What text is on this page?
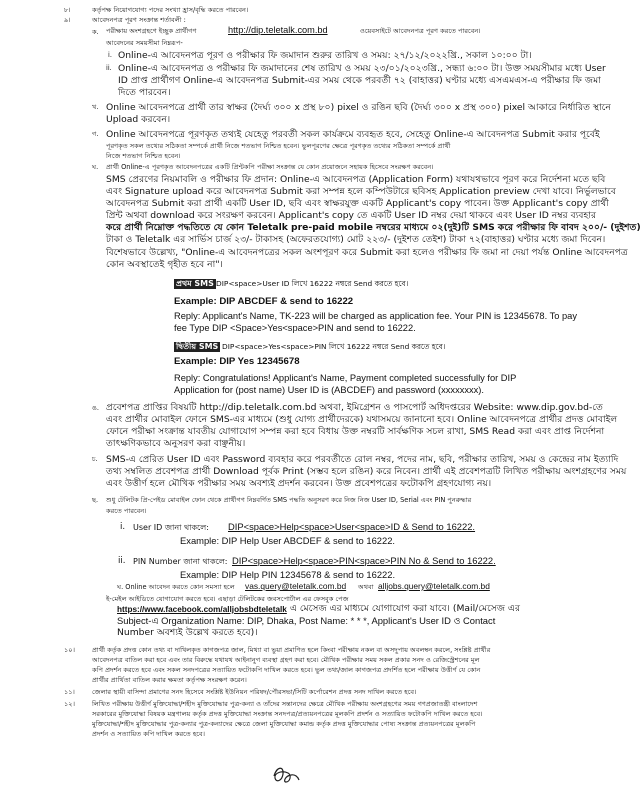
৮।	কর্তৃপক্ষ নিয়োগযোগ্য পদের সংখ্যা হ্রাস/বৃদ্ধি করতে পারবেন।
৯।	আবেদনপত্র পূরণ সংক্রান্ত শর্তাবলী :
ক. পরীক্ষায় অংশগ্রহণে ইচ্ছুক প্রার্থীগণ	http://dip.teletalk.com.bd	ওয়েবসাইটে আবেদনপত্র পূরণ করতে পারবেন।
আবেদনের সময়সীমা নিম্নরূপ-
i. Online-এ আবেদনপত্র পূরণ ও পরীক্ষার ফি জমাদান শুরুর তারিখ ও সময়: ২৭/১২/২০২২খ্রি., সকাল ১০:০০ টা।
ii. Online-এ আবেদনপত্র ও পরীক্ষার ফি জমাদানের শেষ তারিখ ও সময় ২৩/০১/২০২৩খ্রি., সন্ধ্যা ৬:০০ টা। উক্ত সময়সীমার মধ্যে User
ID প্রাপ্ত প্রার্থীগণ Online-এ আবেদনপত্র Submit-এর সময় থেকে পরবর্তী ৭২ (বাহাত্তর) ঘণ্টার মধ্যে এসএমএস-এ পরীক্ষার ফি জমা
দিতে পারবেন।
খ. Online আবেদনপত্রে প্রার্থী তার স্বাক্ষর (দৈর্ঘ্য ৩০০ x প্রস্থ ৮০) pixel ও রঙিন ছবি (দৈর্ঘ্য ৩০০ x প্রস্থ ৩০০) pixel আকারে নির্ধারিত স্থানে
Upload করবেন।
গ. Online আবেদনপত্রে পূরণকৃত তথ্যই যেহেতু পরবর্তী সকল কার্যক্রমে ব্যবহৃত হবে, সেহেতু Online-এ আবেদনপত্র Submit করার পূর্বেই
পূরণকৃত সকল তথ্যের সঠিকতা সম্পর্কে প্রার্থী নিজে শতভাগ নিশ্চিত হবেন। ভুলপূরণের ক্ষেত্রে পূরণকৃত তথ্যের সঠিকতা সম্পর্কে প্রার্থী
নিজে শতভাগ নিশ্চিত হবেন।
ঘ. প্রার্থী Online-এ পূরণকৃত আবেদনপত্রের একটি প্রিন্টকপি পরীক্ষা সংক্রান্ত যে কোন প্রয়োজনে সহায়ক হিসেবে সংরক্ষণ করবেন।
SMS প্রেরণের নিয়মাবলি ও পরীক্ষার ফি প্রদান: Online-এ আবেদনপত্র (Application Form) যথাযথভাবে পূরণ করে নির্দেশনা মতে ছবি
এবং Signature upload করে আবেদনপত্র Submit করা সম্পন্ন হলে কম্পিউটারে ছবিসহ Application preview দেখা যাবে। নির্ভুলভাবে
আবেদনপত্র Submit করা প্রার্থী একটি User ID, ছবি এবং স্বাক্ষরযুক্ত একটি Applicant's copy পাবেন। উক্ত Applicant's copy প্রার্থী
প্রিন্ট অথবা download করে সংরক্ষণ করবেন। Applicant's copy তে একটি User ID নম্বর দেয়া থাকবে এবং User ID নম্বর ব্যবহার
করে প্রার্থী নিম্নোক্ত পদ্ধতিতে যে কোন Teletalk pre-paid mobile নম্বরের মাধ্যমে ০২(দুই)টি SMS করে পরীক্ষার ফি বাবদ ২০০/- (দুইশত)
টাকা ও Teletalk এর সার্ভিস চার্জ ২৩/- টাকাসহ (অফেরতযোগ্য) মোট ২২৩/- (দুইশত তেইশ) টাকা ৭২(বাহাত্তর) ঘণ্টার মধ্যে জমা দিবেন।
বিশেষভাবে উল্লেখ্য, "Online-এ আবেদনপত্রের সকল অংশপূরণ করে Submit করা হলেও পরীক্ষার ফি জমা না দেয়া পর্যন্ত Online আবেদনপত্র
কোন অবস্থাতেই গৃহীত হবে না"।
প্রথম SMS DIP<space>User ID লিখে 16222 নম্বরে Send করতে হবে।
Example: DIP ABCDEF & send to 16222
Reply: Applicant's Name, TK-223 will be charged as application fee. Your PIN is 12345678. To pay
fee Type DIP <Space>Yes<space>PIN and send to 16222.
দ্বিতীয় SMS DIP<space>Yes<space>PIN লিখে 16222 নম্বরে Send করতে হবে।
Example: DIP Yes 12345678
Reply: Congratulations! Applicant's Name, Payment completed successfully for DIP
Application for (post name) User ID is (ABCDEF) and password (xxxxxxxx).
ঙ. প্রবেশপত্র প্রাপ্তির বিষয়টি http://dip.teletalk.com.bd অথবা, ইমিগ্রেশন ও পাসপোর্ট অধিদপ্তরের Website: www.dip.gov.bd-তে
এবং প্রার্থীর মোবাইল ফোনে SMS-এর মাধ্যমে (শুধু যোগ্য প্রার্থীদেরকে) যথাসময়ে জানানো হবে। Online আবেদনপত্রে প্রার্থীর প্রদত্ত মোবাইল
ফোনে পরীক্ষা সংক্রান্ত যাবতীয় যোগাযোগ সম্পন্ন করা হবে বিধায় উক্ত নম্বরটি সার্বক্ষণিক সচল রাখা, SMS Read করা এবং প্রাপ্ত নির্দেশনা
তাৎক্ষণিকভাবে অনুসরণ করা বাঞ্ছনীয়।
চ. SMS-এ প্রেরিত User ID এবং Password ব্যবহার করে পরবর্তীতে রোল নম্বর, পদের নাম, ছবি, পরীক্ষার তারিখ, সময় ও কেন্দ্রের নাম ইত্যাদি
তথ্য সম্বলিত প্রবেশপত্র প্রার্থী Download পূর্বক Print (সম্ভব হলে রঙিন) করে নিবেন। প্রার্থী এই প্রবেশপত্রটি লিখিত পরীক্ষায় অংশগ্রহণের সময়
এবং উত্তীর্ণ হলে মৌখিক পরীক্ষার সময় অবশ্যই প্রদর্শন করবেন। উক্ত প্রবেশপত্রের ফটোকপি গ্রহণযোগ্য নয়।
ছ. শুধু টেলিটক প্রি-পেইড মোবাইল ফোন থেকে প্রার্থীগণ নিম্নবর্ণিত SMS পদ্ধতি অনুসরণ করে নিজ নিজ User ID, Serial এবং PIN পুনরুদ্ধার
করতে পারবেন।
i. User ID জানা থাকলে: DIP<space>Help<space>User<space>ID & Send to 16222.
Example: DIP Help User ABCDEF & send to 16222.
ii. PIN Number জানা থাকলে: DIP<space>Help<space>PIN<space>PIN No & Send to 16222.
Example: DIP Help PIN 12345678 & send to 16222.
ঘ. Online আবেদন করতে কোন সমস্যা হলে vas.query@teletalk.com.bd অথবা alljobs.query@teletalk.com.bd
ই-মেইল আইডিতে যোগাযোগ করতে হবে। এছাড়া টেলিটকের জবসপোর্টাল এর ফেসবুক পেজ
https://www.facebook.com/alljobsbdteletalk এ মেসেজ এর মাধ্যমে যোগাযোগ করা যাবে। (Mail/মেসেজ এর
Subject-এ Organization Name: DIP, Dhaka, Post Name: * * *, Applicant's User ID ও Contact
Number অবশ্যই উল্লেখ করতে হবে)।
১০।	প্রার্থী কর্তৃক প্রদত্ত কোন তথ্য বা দাখিলকৃত কাগজপত্র জাল, মিথ্যা বা ভুয়া প্রমাণিত হলে কিংবা পরীক্ষায় নকল বা অসদুপায় অবলম্বন করলে, সংশ্লিষ্ট প্রার্থীর
আবেদনপত্র বাতিল করা হবে এবং তার বিরুদ্ধে যথাযথ আইনানুগ ব্যবস্থা গ্রহণ করা হবে। মৌখিক পরীক্ষার সময় সকল প্রকার সনদ ও রেজিস্ট্রেশনের মূল
কপি প্রদর্শন করতে হবে এবং সকল সনদপত্রের সত্যায়িত ফটোকপি দাখিল করতে হবে। ভুল তথ্য/জাল কাগজপত্র প্রদর্শিত হলে পরীক্ষায় উত্তীর্ণ যে কোন
প্রার্থীর প্রার্থিতা বাতিল করার ক্ষমতা কর্তৃপক্ষ সংরক্ষণ করেন।
১১।	জেলার স্থায়ী বাসিন্দা প্রমাণের সনদ হিসেবে সংশ্লিষ্ট ইউনিয়ন পরিষদ/পৌরসভা/সিটি কর্পোরেশন প্রদত্ত সনদ দাখিল করতে হবে।
১২।	লিখিত পরীক্ষায় উত্তীর্ণ মুক্তিযোদ্ধা/শহীদ মুক্তিযোদ্ধার পুত্র-কন্যা ও তাঁদের সন্তানদের ক্ষেত্রে মৌখিক পরীক্ষায় অংশগ্রহণের সময় গণপ্রজাতন্ত্রী বাংলাদেশ
সরকারের মুক্তিযোদ্ধা বিষয়ক মন্ত্রণালয় কর্তৃক প্রদত্ত মুক্তিযোদ্ধা সংক্রান্ত সনদপত্র/প্রত্যয়নপত্রের মূলকপি প্রদর্শন ও সত্যায়িত ফটোকপি দাখিল করতে হবে।
মুক্তিযোদ্ধা/শহীদ মুক্তিযোদ্ধার পুত্র-কন্যার পুত্র-কন্যাদের ক্ষেত্রে জেলা মুক্তিযোদ্ধা কমান্ড কর্তৃক প্রদত্ত মুক্তিযোদ্ধার পোষ্য সংক্রান্ত প্রত্যয়নপত্রের মূলকপি
প্রদর্শন ও সত্যায়িত কপি দাখিল করতে হবে।
